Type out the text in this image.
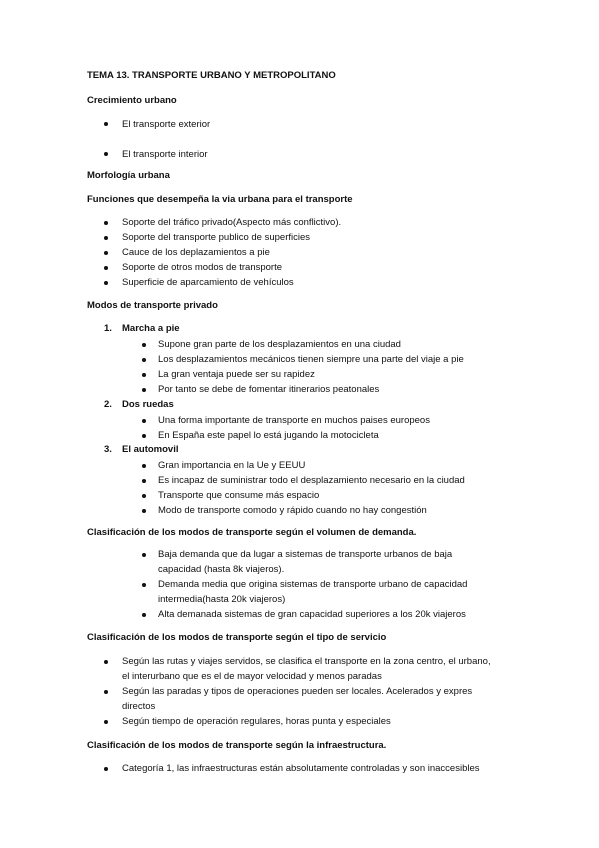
TEMA 13. TRANSPORTE URBANO Y METROPOLITANO
Crecimiento urbano
El transporte exterior
El transporte interior
Morfología urbana
Funciones que desempeña la via urbana para el transporte
Soporte del tráfico privado(Aspecto más conflictivo).
Soporte del transporte publico de superficies
Cauce de los deplazamientos a pie
Soporte de otros modos de transporte
Superficie de aparcamiento de vehículos
Modos de transporte privado
1. Marcha a pie
Supone gran parte de los desplazamientos en una ciudad
Los desplazamientos mecánicos tienen siempre una parte del viaje a pie
La gran ventaja puede ser su rapidez
Por tanto se debe de fomentar itinerarios peatonales
2. Dos ruedas
Una forma importante de transporte en muchos paises europeos
En España este papel lo está jugando la motocicleta
3. El automovil
Gran importancia en la Ue y EEUU
Es incapaz de suministrar todo el desplazamiento necesario en la ciudad
Transporte que consume más espacio
Modo de transporte comodo y rápido cuando no hay congestión
Clasificación de los modos de transporte según el volumen de demanda.
Baja demanda que da lugar a sistemas de transporte urbanos de baja
capacidad (hasta 8k viajeros).
Demanda media que origina sistemas de transporte urbano de capacidad
intermedia(hasta 20k viajeros)
Alta demanada sistemas de gran capacidad superiores a los 20k viajeros
Clasificación de los modos de transporte según el tipo de servicio
Según las rutas y viajes servidos, se clasifica el transporte en la zona centro, el urbano,
el interurbano que es el de mayor velocidad y menos paradas
Según las paradas y tipos de operaciones pueden ser locales. Acelerados y expres
directos
Según tiempo de operación regulares, horas punta y especiales
Clasificación de los modos de transporte según la infraestructura.
Categoría 1, las infraestructuras están absolutamente controladas y son inaccesibles
